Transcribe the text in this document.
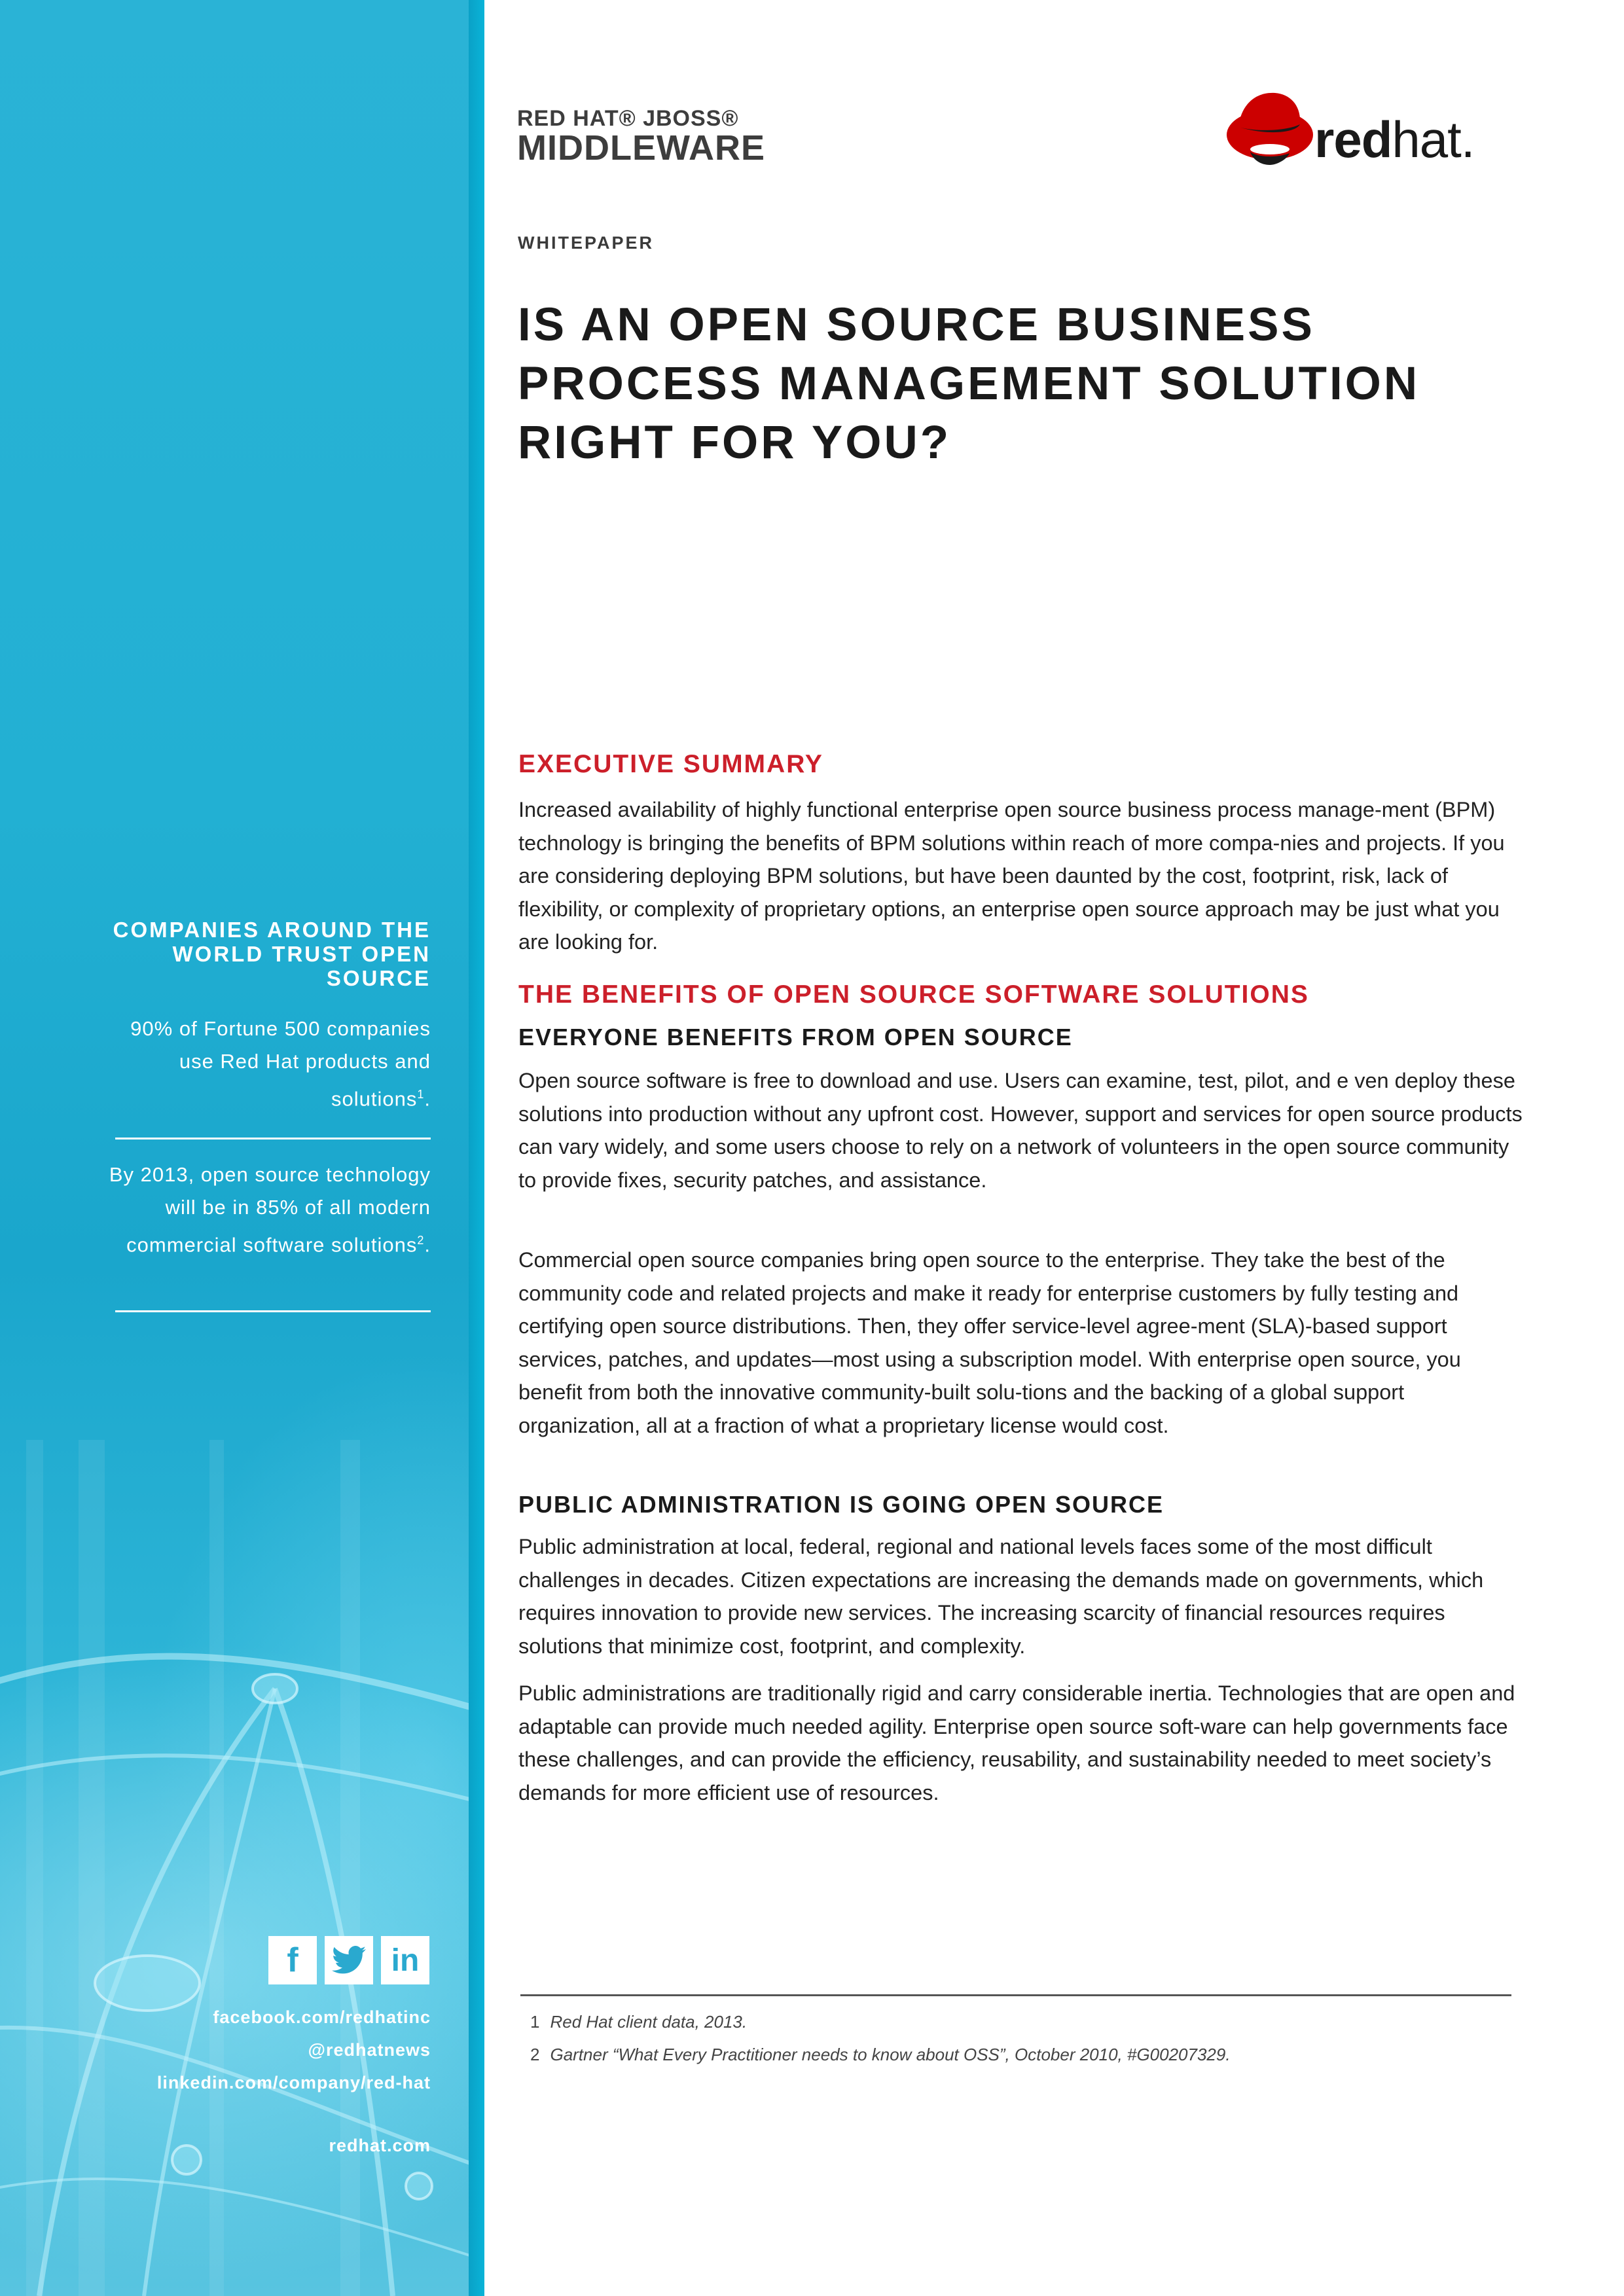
COMPANIES AROUND THE WORLD TRUST OPEN SOURCE
90% of Fortune 500 companies use Red Hat products and solutions$^1$.
By 2013, open source technology will be in 85% of all modern commercial software solutions$^2$.
f	in
facebook.com/redhatinc
@redhatnews
linkedin.com/company/red-hat
redhat.com
RED HAT® JBOSS®
MIDDLEWARE	redhat.
WHITEPAPER
IS AN OPEN SOURCE BUSINESS PROCESS MANAGEMENT SOLUTION RIGHT FOR YOU?
EXECUTIVE SUMMARY

Increased availability of highly functional enterprise open source business process manage-ment (BPM) technology is bringing the benefits of BPM solutions within reach of more compa-nies and projects. If you are considering deploying BPM solutions, but have been daunted by the cost, footprint, risk, lack of flexibility, or complexity of proprietary options, an enterprise open source approach may be just what you are looking for.

THE BENEFITS OF OPEN SOURCE SOFTWARE SOLUTIONS
EVERYONE BENEFITS FROM OPEN SOURCE

Open source software is free to download and use. Users can examine, test, pilot, and e ven deploy these solutions into production without any upfront cost. However, support and services for open source products can vary widely, and some users choose to rely on a network of volunteers in the open source community to provide fixes, security patches, and assistance.

Commercial open source companies bring open source to the enterprise. They take the best of the community code and related projects and make it ready for enterprise customers by fully testing and certifying open source distributions. Then, they offer service-level agree-ment (SLA)-based support services, patches, and updates—most using a subscription model. With enterprise open source, you benefit from both the innovative community-built solu-tions and the backing of a global support organization, all at a fraction of what a proprietary license would cost.

PUBLIC ADMINISTRATION IS GOING OPEN SOURCE

Public administration at local, federal, regional and national levels faces some of the most difficult challenges in decades. Citizen expectations are increasing the demands made on governments, which requires innovation to provide new services. The increasing scarcity of financial resources requires solutions that minimize cost, footprint, and complexity.

Public administrations are traditionally rigid and carry considerable inertia. Technologies that are open and adaptable can provide much needed agility. Enterprise open source soft-ware can help governments face these challenges, and can provide the efficiency, reusability, and sustainability needed to meet society’s demands for more efficient use of resources.

1 Red Hat client data, 2013.
2 Gartner “What Every Practitioner needs to know about OSS”, October 2010, #G00207329.
